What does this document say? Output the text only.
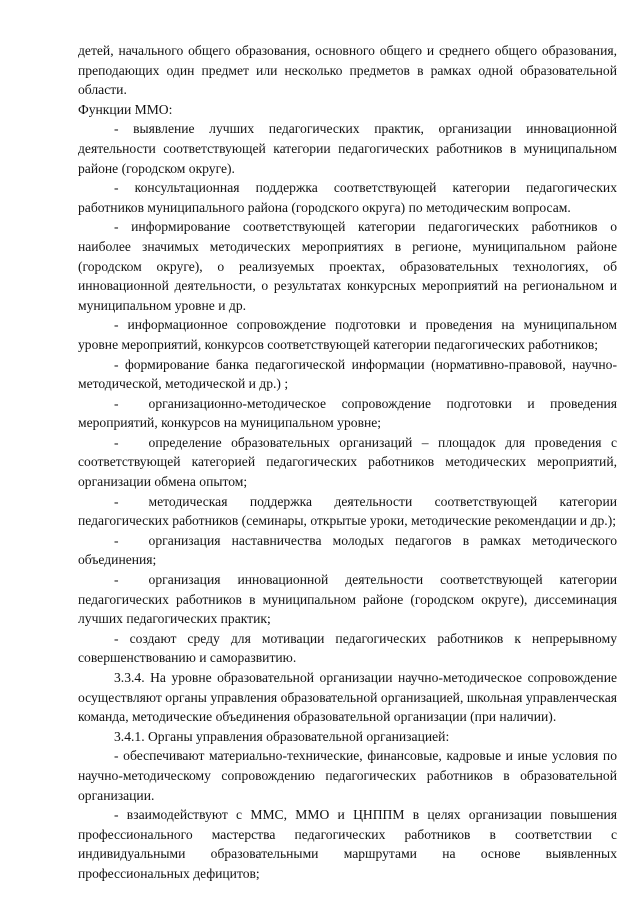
детей, начального общего образования, основного общего и среднего общего образования, преподающих один предмет или несколько предметов в рамках одной образовательной области.

Функции ММО:

- выявление лучших педагогических практик, организации инновационной деятельности соответствующей категории педагогических работников в муниципальном районе (городском округе).

- консультационная поддержка соответствующей категории педагогических работников муниципального района (городского округа) по методическим вопросам.

- информирование соответствующей категории педагогических работников о наиболее значимых методических мероприятиях в регионе, муниципальном районе (городском округе), о реализуемых проектах, образовательных технологиях, об инновационной деятельности, о результатах конкурсных мероприятий на региональном и муниципальном уровне и др.

- информационное сопровождение подготовки и проведения на муниципальном уровне мероприятий, конкурсов соответствующей категории педагогических работников;

- формирование банка педагогической информации (нормативно-правовой, научно-методической, методической и др.) ;

- организационно-методическое сопровождение подготовки и проведения мероприятий, конкурсов на муниципальном уровне;

- определение образовательных организаций – площадок для проведения с соответствующей категорией педагогических работников методических мероприятий, организации обмена опытом;

- методическая поддержка деятельности соответствующей категории педагогических работников (семинары, открытые уроки, методические рекомендации и др.);

- организация наставничества молодых педагогов в рамках методического объединения;

- организация инновационной деятельности соответствующей категории педагогических работников в муниципальном районе (городском округе), диссеминация лучших педагогических практик;

- создают среду для мотивации педагогических работников к непрерывному совершенствованию и саморазвитию.

3.3.4. На уровне образовательной организации научно-методическое сопровождение осуществляют органы управления образовательной организацией, школьная управленческая команда, методические объединения образовательной организации (при наличии).

3.4.1. Органы управления образовательной организацией:

- обеспечивают материально-технические, финансовые, кадровые и иные условия по научно-методическому сопровождению педагогических работников в образовательной организации.

- взаимодействуют с ММС, ММО и ЦНППМ в целях организации повышения профессионального мастерства педагогических работников в соответствии с индивидуальными образовательными маршрутами на основе выявленных профессиональных дефицитов;
